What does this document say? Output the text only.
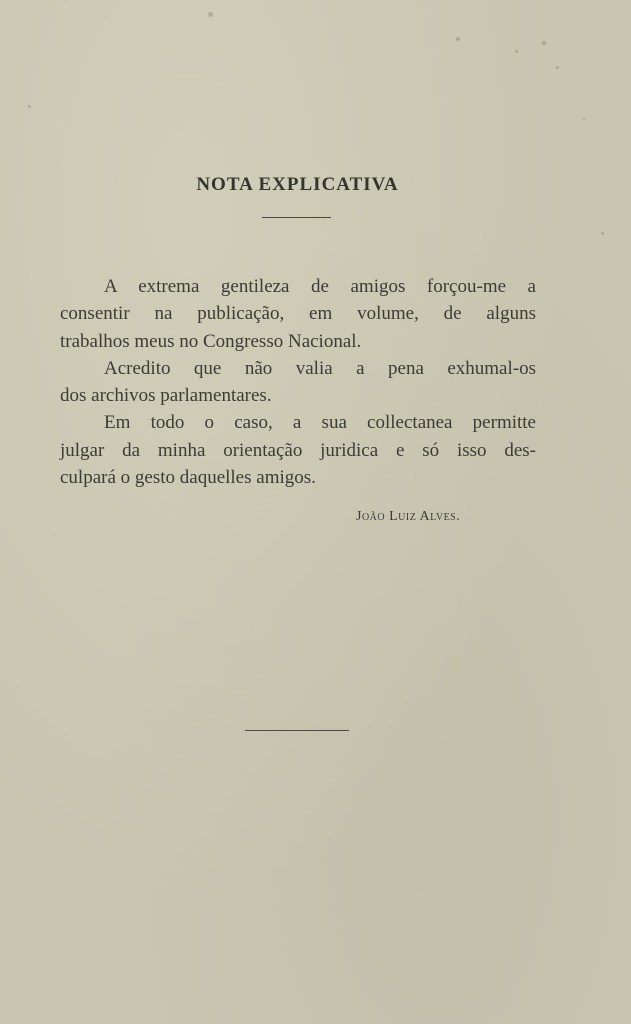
NOTA EXPLICATIVA
A extrema gentileza de amigos forçou-me a
consentir na publicação, em volume, de alguns
trabalhos meus no Congresso Nacional.
Acredito que não valia a pena exhumal-os
dos archivos parlamentares.
Em todo o caso, a sua collectanea permitte
julgar da minha orientação juridica e só isso des-
culpará o gesto daquelles amigos.
João Luiz Alves.
